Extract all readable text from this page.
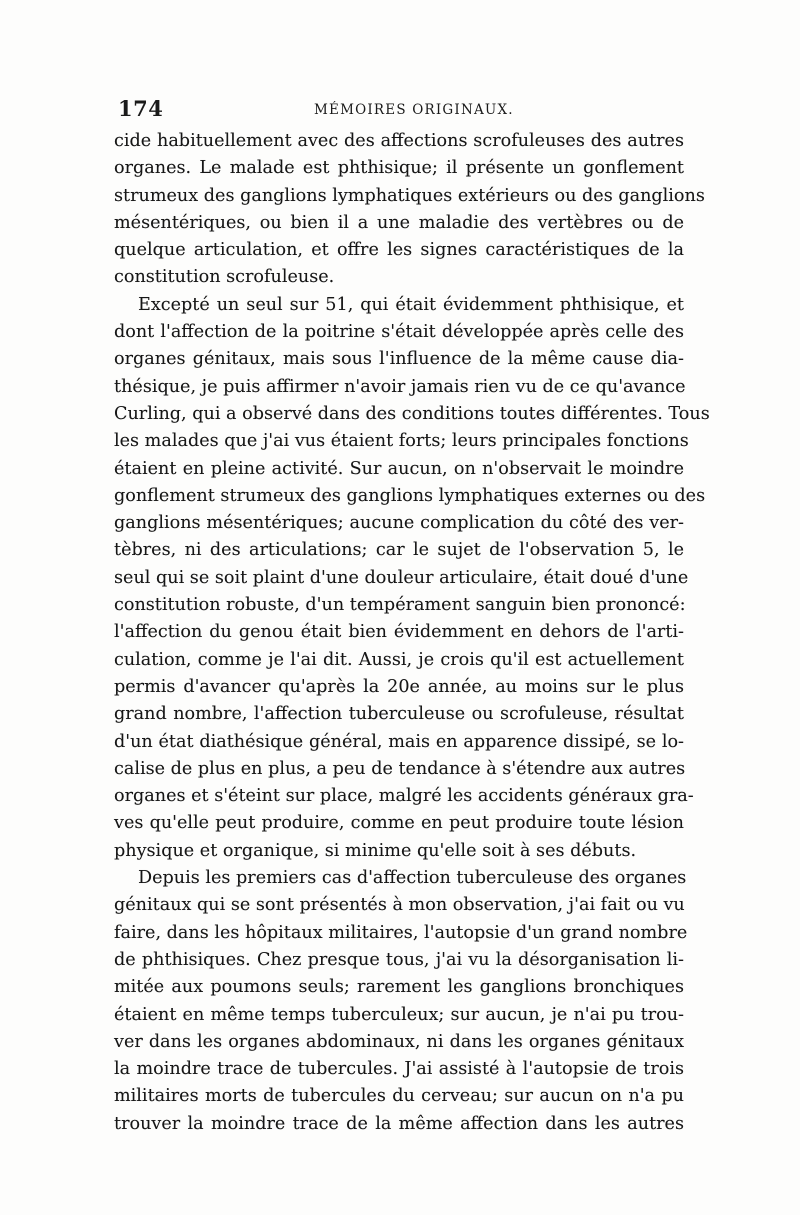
174	MÉMOIRES ORIGINAUX.
cide habituellement avec des affections scrofuleuses des autres
organes. Le malade est phthisique; il présente un gonflement
strumeux des ganglions lymphatiques extérieurs ou des ganglions
mésentériques, ou bien il a une maladie des vertèbres ou de
quelque articulation, et offre les signes caractéristiques de la
constitution scrofuleuse.
Excepté un seul sur 51, qui était évidemment phthisique, et
dont l'affection de la poitrine s'était développée après celle des
organes génitaux, mais sous l'influence de la même cause dia-
thésique, je puis affirmer n'avoir jamais rien vu de ce qu'avance
Curling, qui a observé dans des conditions toutes différentes. Tous
les malades que j'ai vus étaient forts; leurs principales fonctions
étaient en pleine activité. Sur aucun, on n'observait le moindre
gonflement strumeux des ganglions lymphatiques externes ou des
ganglions mésentériques; aucune complication du côté des ver-
tèbres, ni des articulations; car le sujet de l'observation 5, le
seul qui se soit plaint d'une douleur articulaire, était doué d'une
constitution robuste, d'un tempérament sanguin bien prononcé:
l'affection du genou était bien évidemment en dehors de l'arti-
culation, comme je l'ai dit. Aussi, je crois qu'il est actuellement
permis d'avancer qu'après la 20e année, au moins sur le plus
grand nombre, l'affection tuberculeuse ou scrofuleuse, résultat
d'un état diathésique général, mais en apparence dissipé, se lo-
calise de plus en plus, a peu de tendance à s'étendre aux autres
organes et s'éteint sur place, malgré les accidents généraux gra-
ves qu'elle peut produire, comme en peut produire toute lésion
physique et organique, si minime qu'elle soit à ses débuts.
Depuis les premiers cas d'affection tuberculeuse des organes
génitaux qui se sont présentés à mon observation, j'ai fait ou vu
faire, dans les hôpitaux militaires, l'autopsie d'un grand nombre
de phthisiques. Chez presque tous, j'ai vu la désorganisation li-
mitée aux poumons seuls; rarement les ganglions bronchiques
étaient en même temps tuberculeux; sur aucun, je n'ai pu trou-
ver dans les organes abdominaux, ni dans les organes génitaux
la moindre trace de tubercules. J'ai assisté à l'autopsie de trois
militaires morts de tubercules du cerveau; sur aucun on n'a pu
trouver la moindre trace de la même affection dans les autres
